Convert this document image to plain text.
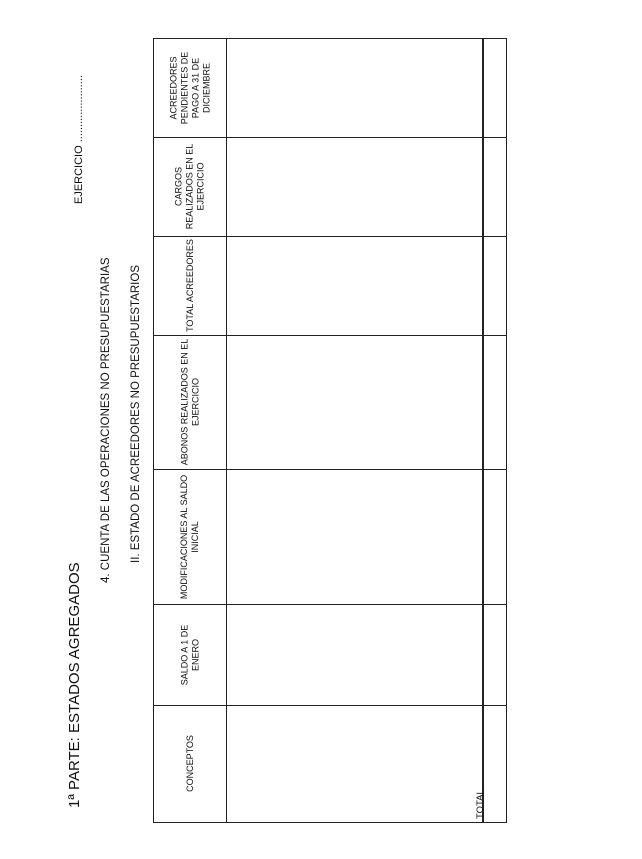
1ª PARTE: ESTADOS AGREGADOS
4. CUENTA DE LAS OPERACIONES NO PRESUPUESTARIAS II. ESTADO DE ACREEDORES NO PRESUPUESTARIOS
EJERCICIO ......................	ACREEDORES
PENDIENTES DE
PAGO A 31 DE
DICIEMBRE
CARGOS
REALIZADOS EN EL
EJERCICIO
TOTAL ACREEDORES
ABONOS REALIZADOS EN EL
EJERCICIO
MODIFICACIONES AL SALDO
INICIAL
SALDO A 1 DE
ENERO
CONCEPTOS
TOTAL
